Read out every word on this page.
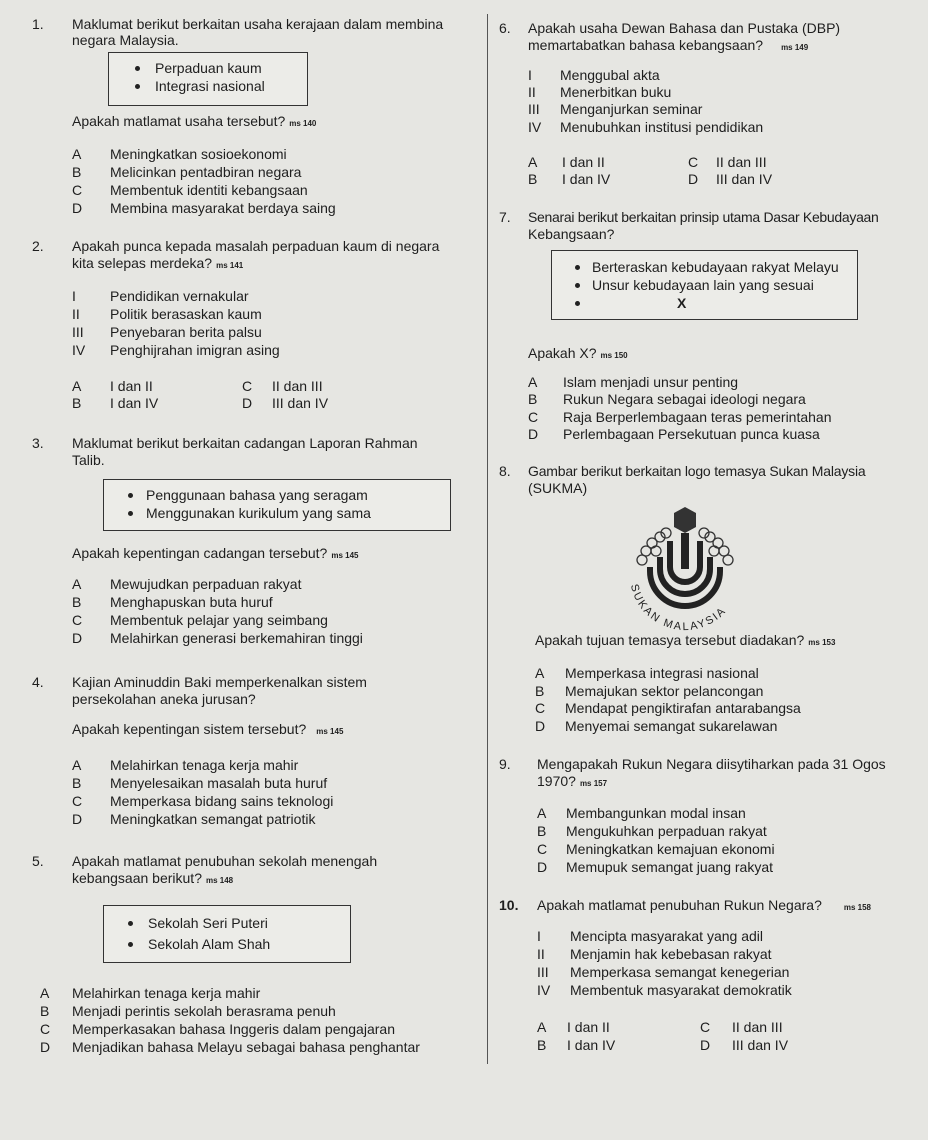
1. Maklumat berikut berkaitan usaha kerajaan dalam membina
negara Malaysia.
Perpaduan kaum
Integrasi nasional
Apakah matlamat usaha tersebut? ms 140
A Meningkatkan sosioekonomi
B Melicinkan pentadbiran negara
C Membentuk identiti kebangsaan
D Membina masyarakat berdaya saing
2. Apakah punca kepada masalah perpaduan kaum di negara
kita selepas merdeka? ms 141
I Pendidikan vernakular
II Politik berasaskan kaum
III Penyebaran berita palsu
IV Penghijrahan imigran asing
A I dan II
B I dan IV
C II dan III
D III dan IV
3. Maklumat berikut berkaitan cadangan Laporan Rahman
Talib.
Penggunaan bahasa yang seragam
Menggunakan kurikulum yang sama
Apakah kepentingan cadangan tersebut? ms 145
A Mewujudkan perpaduan rakyat
B Menghapuskan buta huruf
C Membentuk pelajar yang seimbang
D Melahirkan generasi berkemahiran tinggi
4. Kajian Aminuddin Baki memperkenalkan sistem
persekolahan aneka jurusan?
Apakah kepentingan sistem tersebut? ms 145
A Melahirkan tenaga kerja mahir
B Menyelesaikan masalah buta huruf
C Memperkasa bidang sains teknologi
D Meningkatkan semangat patriotik
5. Apakah matlamat penubuhan sekolah menengah
kebangsaan berikut? ms 148
Sekolah Seri Puteri
Sekolah Alam Shah
A Melahirkan tenaga kerja mahir
B Menjadi perintis sekolah berasrama penuh
C Memperkasakan bahasa Inggeris dalam pengajaran
D Menjadikan bahasa Melayu sebagai bahasa penghantar
6. Apakah usaha Dewan Bahasa dan Pustaka (DBP)
memartabatkan bahasa kebangsaan? ms 149
I Menggubal akta
II Menerbitkan buku
III Menganjurkan seminar
IV Menubuhkan institusi pendidikan
A I dan II
B I dan IV
C II dan III
D III dan IV
7. Senarai berikut berkaitan prinsip utama Dasar Kebudayaan
Kebangsaan?
Berteraskan kebudayaan rakyat Melayu
Unsur kebudayaan lain yang sesuai
X
Apakah X? ms 150
A Islam menjadi unsur penting
B Rukun Negara sebagai ideologi negara
C Raja Berperlembagaan teras pemerintahan
D Perlembagaan Persekutuan punca kuasa
8. Gambar berikut berkaitan logo temasya Sukan Malaysia
(SUKMA)
SUKAN MALAYSIA
Apakah tujuan temasya tersebut diadakan? ms 153
A Memperkasa integrasi nasional
B Memajukan sektor pelancongan
C Mendapat pengiktirafan antarabangsa
D Menyemai semangat sukarelawan
9. Mengapakah Rukun Negara diisytiharkan pada 31 Ogos
1970? ms 157
A Membangunkan modal insan
B Mengukuhkan perpaduan rakyat
C Meningkatkan kemajuan ekonomi
D Memupuk semangat juang rakyat
10. Apakah matlamat penubuhan Rukun Negara?	ms 158
I Mencipta masyarakat yang adil
II Menjamin hak kebebasan rakyat
III Memperkasa semangat kenegerian
IV Membentuk masyarakat demokratik
A I dan II
B I dan IV
C II dan III
D III dan IV
